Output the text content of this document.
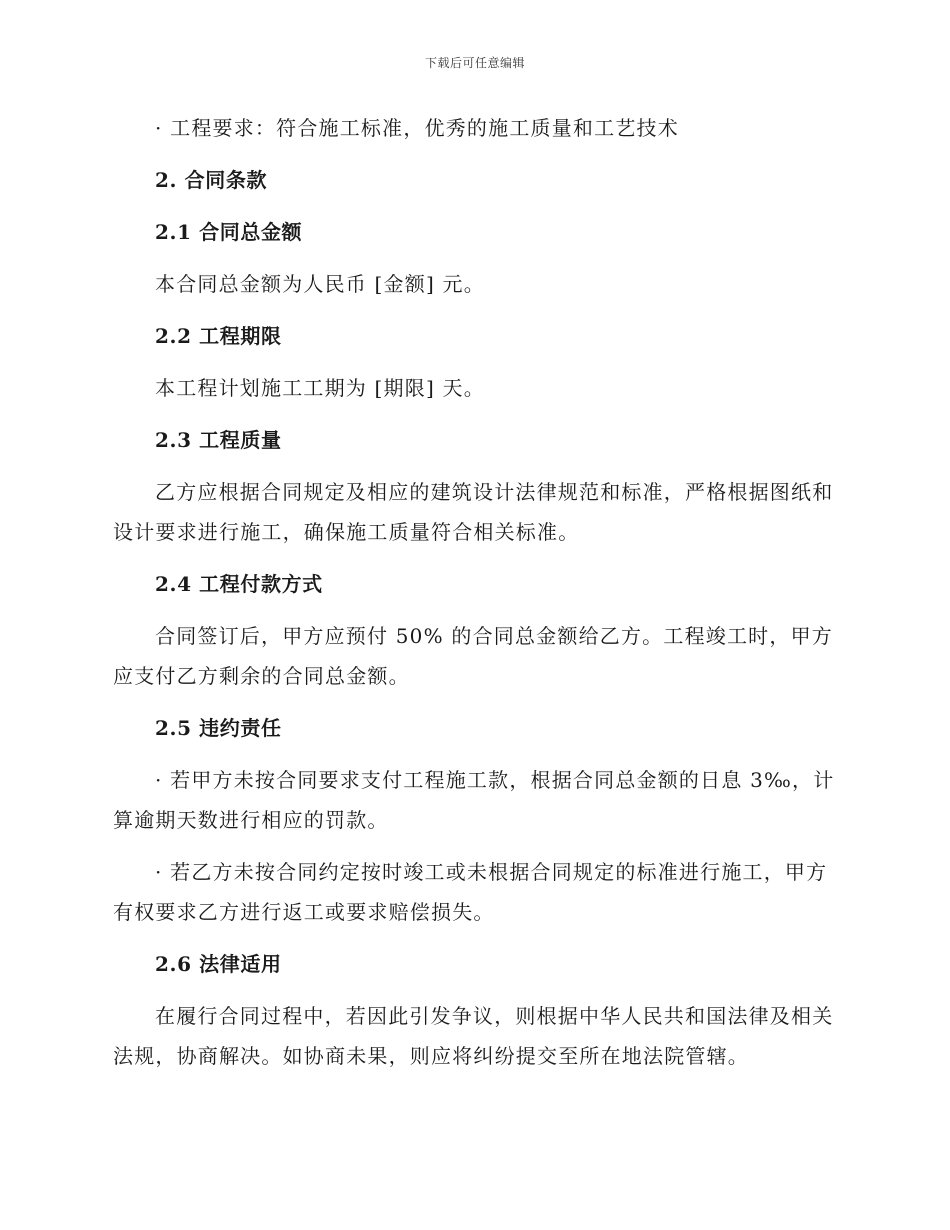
下载后可任意编辑

· 工程要求：符合施工标准，优秀的施工质量和工艺技术

2. 合同条款
2.1 合同总金额

本合同总金额为人民币 [金额] 元。

2.2 工程期限

本工程计划施工工期为 [期限] 天。

2.3 工程质量

乙方应根据合同规定及相应的建筑设计法律规范和标准，严格根据图纸和设计要求进行施工，确保施工质量符合相关标准。

2.4 工程付款方式

合同签订后，甲方应预付 50% 的合同总金额给乙方。工程竣工时，甲方应支付乙方剩余的合同总金额。

2.5 违约责任

· 若甲方未按合同要求支付工程施工款，根据合同总金额的日息 3‰，计算逾期天数进行相应的罚款。

· 若乙方未按合同约定按时竣工或未根据合同规定的标准进行施工，甲方有权要求乙方进行返工或要求赔偿损失。

2.6 法律适用

在履行合同过程中，若因此引发争议，则根据中华人民共和国法律及相关法规，协商解决。如协商未果，则应将纠纷提交至所在地法院管辖。
